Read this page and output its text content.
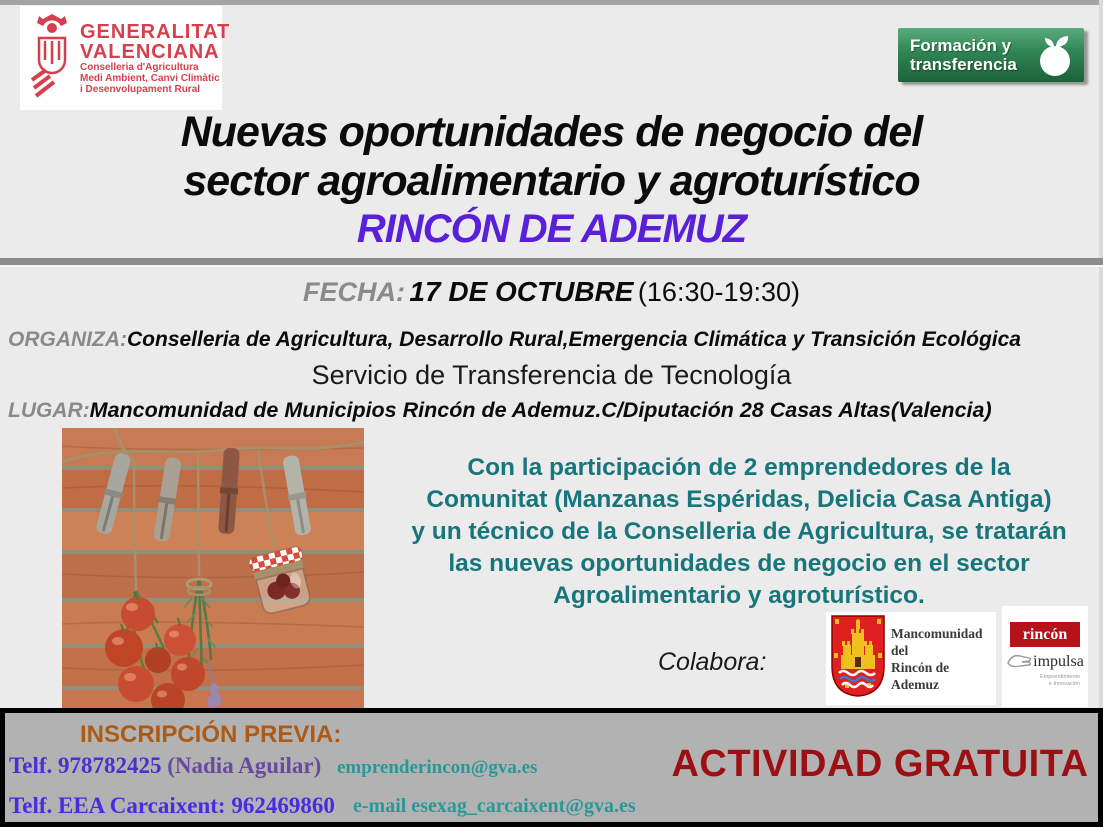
GENERALITAT
VALENCIANA
Conselleria d'Agricultura
Medi Ambient, Canvi Climàtic
i Desenvolupament Rural
Formación y
transferencia
Nuevas oportunidades de negocio del
sector agroalimentario y agroturístico
RINCÓN DE ADEMUZ
FECHA: 17 DE OCTUBRE (16:30-19:30)
ORGANIZA:Conselleria de Agricultura, Desarrollo Rural,Emergencia Climática y Transición Ecológica
Servicio de Transferencia de Tecnología
LUGAR:Mancomunidad de Municipios Rincón de Ademuz.C/Diputación 28 Casas Altas(Valencia)
Con la participación de 2 emprendedores de la
Comunitat (Manzanas Espéridas, Delicia Casa Antiga)
y un técnico de la Conselleria de Agricultura, se tratarán
las nuevas oportunidades de negocio en el sector
Agroalimentario y agroturístico.
Colabora:
Mancomunidad del
Rincón de Ademuz
rincón
impulsa
Emprendimiento
e Innovación
INSCRIPCIÓN PREVIA:
Telf. 978782425 (Nadia Aguilar) emprenderincon@gva.es
Telf. EEA Carcaixent: 962469860 e-mail esexag_carcaixent@gva.es
ACTIVIDAD GRATUITA
